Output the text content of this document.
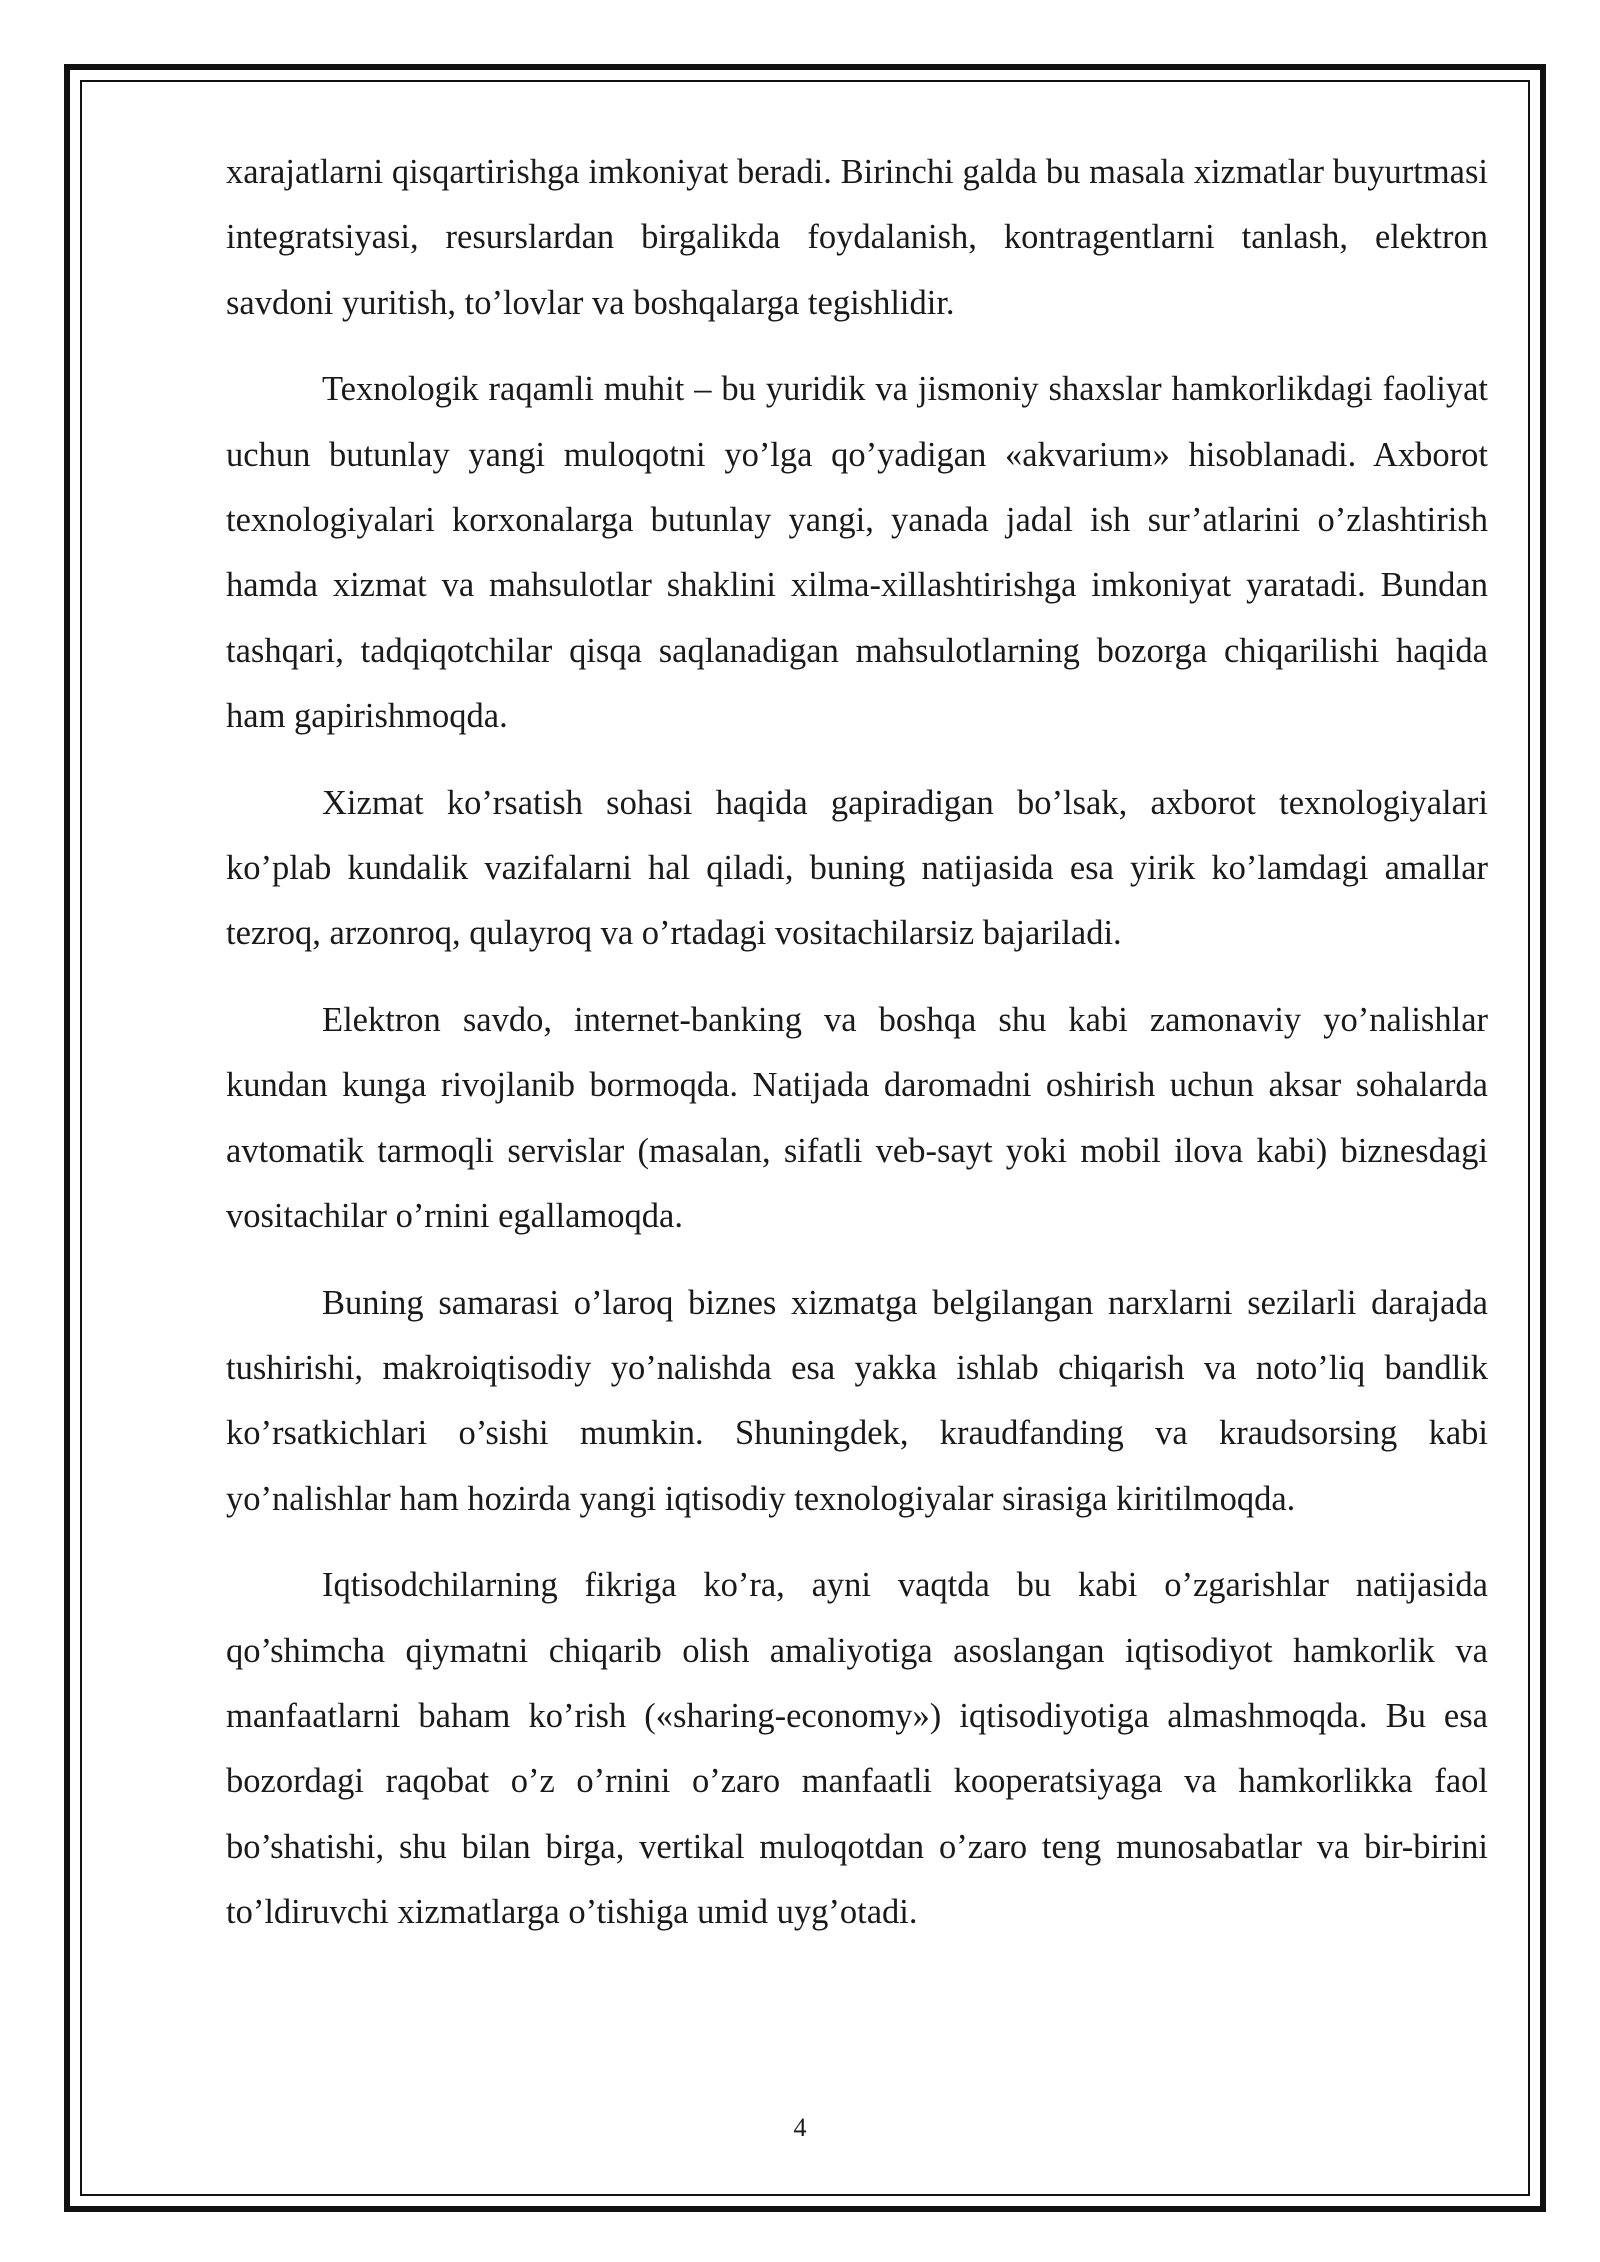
xarajatlarni qisqartirishga imkoniyat beradi. Birinchi galda bu masala xizmatlar buyurtmasi integratsiyasi, resurslardan birgalikda foydalanish, kontragentlarni tanlash, elektron savdoni yuritish, to’lovlar va boshqalarga tegishlidir.

Texnologik raqamli muhit – bu yuridik va jismoniy shaxslar hamkorlikdagi faoliyat uchun butunlay yangi muloqotni yo’lga qo’yadigan «akvarium» hisoblanadi. Axborot texnologiyalari korxonalarga butunlay yangi, yanada jadal ish sur’atlarini o’zlashtirish hamda xizmat va mahsulotlar shaklini xilma-xillashtirishga imkoniyat yaratadi. Bundan tashqari, tadqiqotchilar qisqa saqlanadigan mahsulotlarning bozorga chiqarilishi haqida ham gapirishmoqda.

Xizmat ko’rsatish sohasi haqida gapiradigan bo’lsak, axborot texnologiyalari ko’plab kundalik vazifalarni hal qiladi, buning natijasida esa yirik ko’lamdagi amallar tezroq, arzonroq, qulayroq va o’rtadagi vositachilarsiz bajariladi.

Elektron savdo, internet-banking va boshqa shu kabi zamonaviy yo’nalishlar kundan kunga rivojlanib bormoqda. Natijada daromadni oshirish uchun aksar sohalarda avtomatik tarmoqli servislar (masalan, sifatli veb-sayt yoki mobil ilova kabi) biznesdagi vositachilar o’rnini egallamoqda.

Buning samarasi o’laroq biznes xizmatga belgilangan narxlarni sezilarli darajada tushirishi, makroiqtisodiy yo’nalishda esa yakka ishlab chiqarish va noto’liq bandlik ko’rsatkichlari o’sishi mumkin. Shuningdek, kraudfanding va kraudsorsing kabi yo’nalishlar ham hozirda yangi iqtisodiy texnologiyalar sirasiga kiritilmoqda.

Iqtisodchilarning fikriga ko’ra, ayni vaqtda bu kabi o’zgarishlar natijasida qo’shimcha qiymatni chiqarib olish amaliyotiga asoslangan iqtisodiyot hamkorlik va manfaatlarni baham ko’rish («sharing-economy») iqtisodiyotiga almashmoqda. Bu esa bozordagi raqobat o’z o’rnini o’zaro manfaatli kooperatsiyaga va hamkorlikka faol bo’shatishi, shu bilan birga, vertikal muloqotdan o’zaro teng munosabatlar va bir-birini to’ldiruvchi xizmatlarga o’tishiga umid uyg’otadi.

4
